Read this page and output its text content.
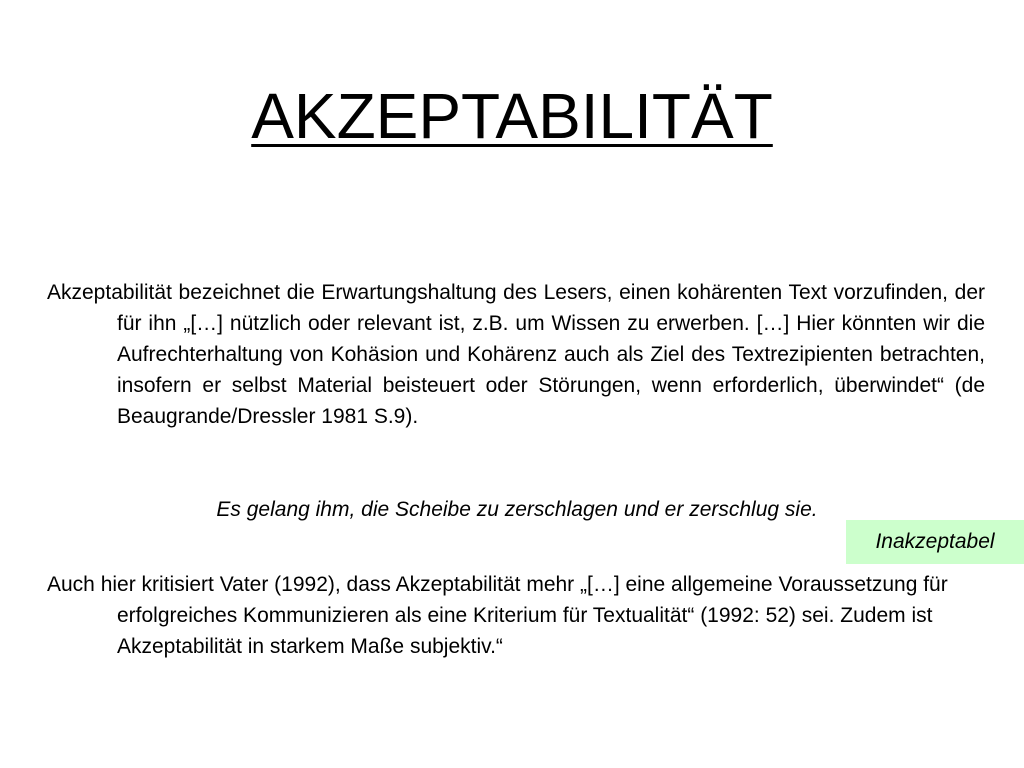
AKZEPTABILITÄT

Akzeptabilität bezeichnet die Erwartungshaltung des Lesers, einen kohärenten Text vorzufinden, der für ihn „[…] nützlich oder relevant ist, z.B. um Wissen zu erwerben. […] Hier könnten wir die Aufrechterhaltung von Kohäsion und Kohärenz auch als Ziel des Textrezipienten betrachten, insofern er selbst Material beisteuert oder Störungen, wenn erforderlich, überwindet“ (de Beaugrande/Dressler 1981 S.9).

Es gelang ihm, die Scheibe zu zerschlagen und er zerschlug sie.

Inakzeptabel

Auch hier kritisiert Vater (1992), dass Akzeptabilität mehr „[…] eine allgemeine Voraussetzung für erfolgreiches Kommunizieren als eine Kriterium für Textualität“ (1992: 52) sei. Zudem ist Akzeptabilität in starkem Maße subjektiv.“
